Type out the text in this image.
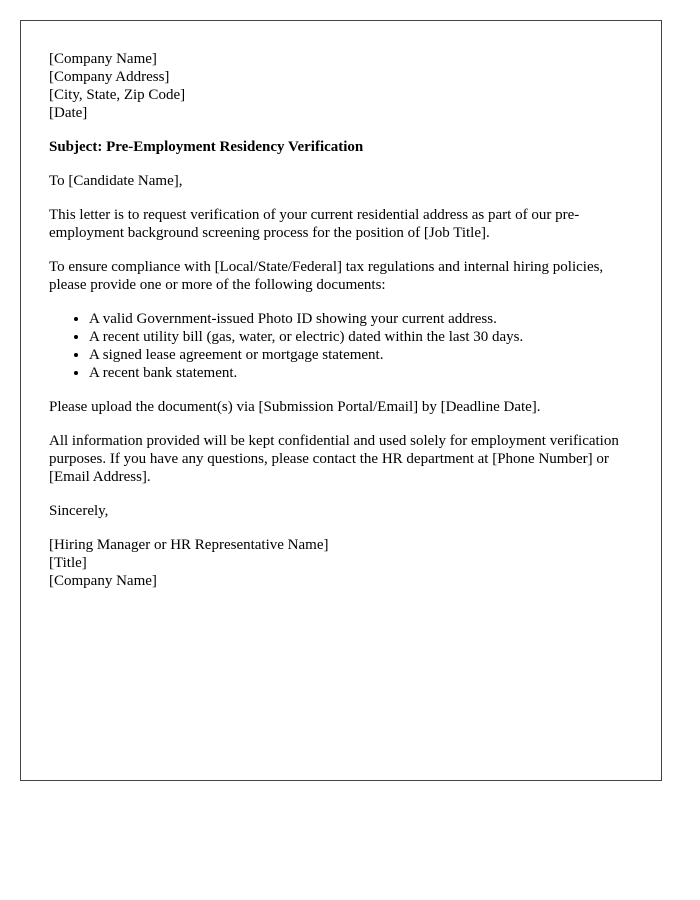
[Company Name]
[Company Address]
[City, State, Zip Code]
[Date]
Subject: Pre-Employment Residency Verification
To [Candidate Name],
This letter is to request verification of your current residential address as part of our pre-employment background screening process for the position of [Job Title].
To ensure compliance with [Local/State/Federal] tax regulations and internal hiring policies, please provide one or more of the following documents:
• A valid Government-issued Photo ID showing your current address.
• A recent utility bill (gas, water, or electric) dated within the last 30 days.
• A signed lease agreement or mortgage statement.
• A recent bank statement.
Please upload the document(s) via [Submission Portal/Email] by [Deadline Date].
All information provided will be kept confidential and used solely for employment verification purposes. If you have any questions, please contact the HR department at [Phone Number] or [Email Address].
Sincerely,
[Hiring Manager or HR Representative Name]
[Title]
[Company Name]
